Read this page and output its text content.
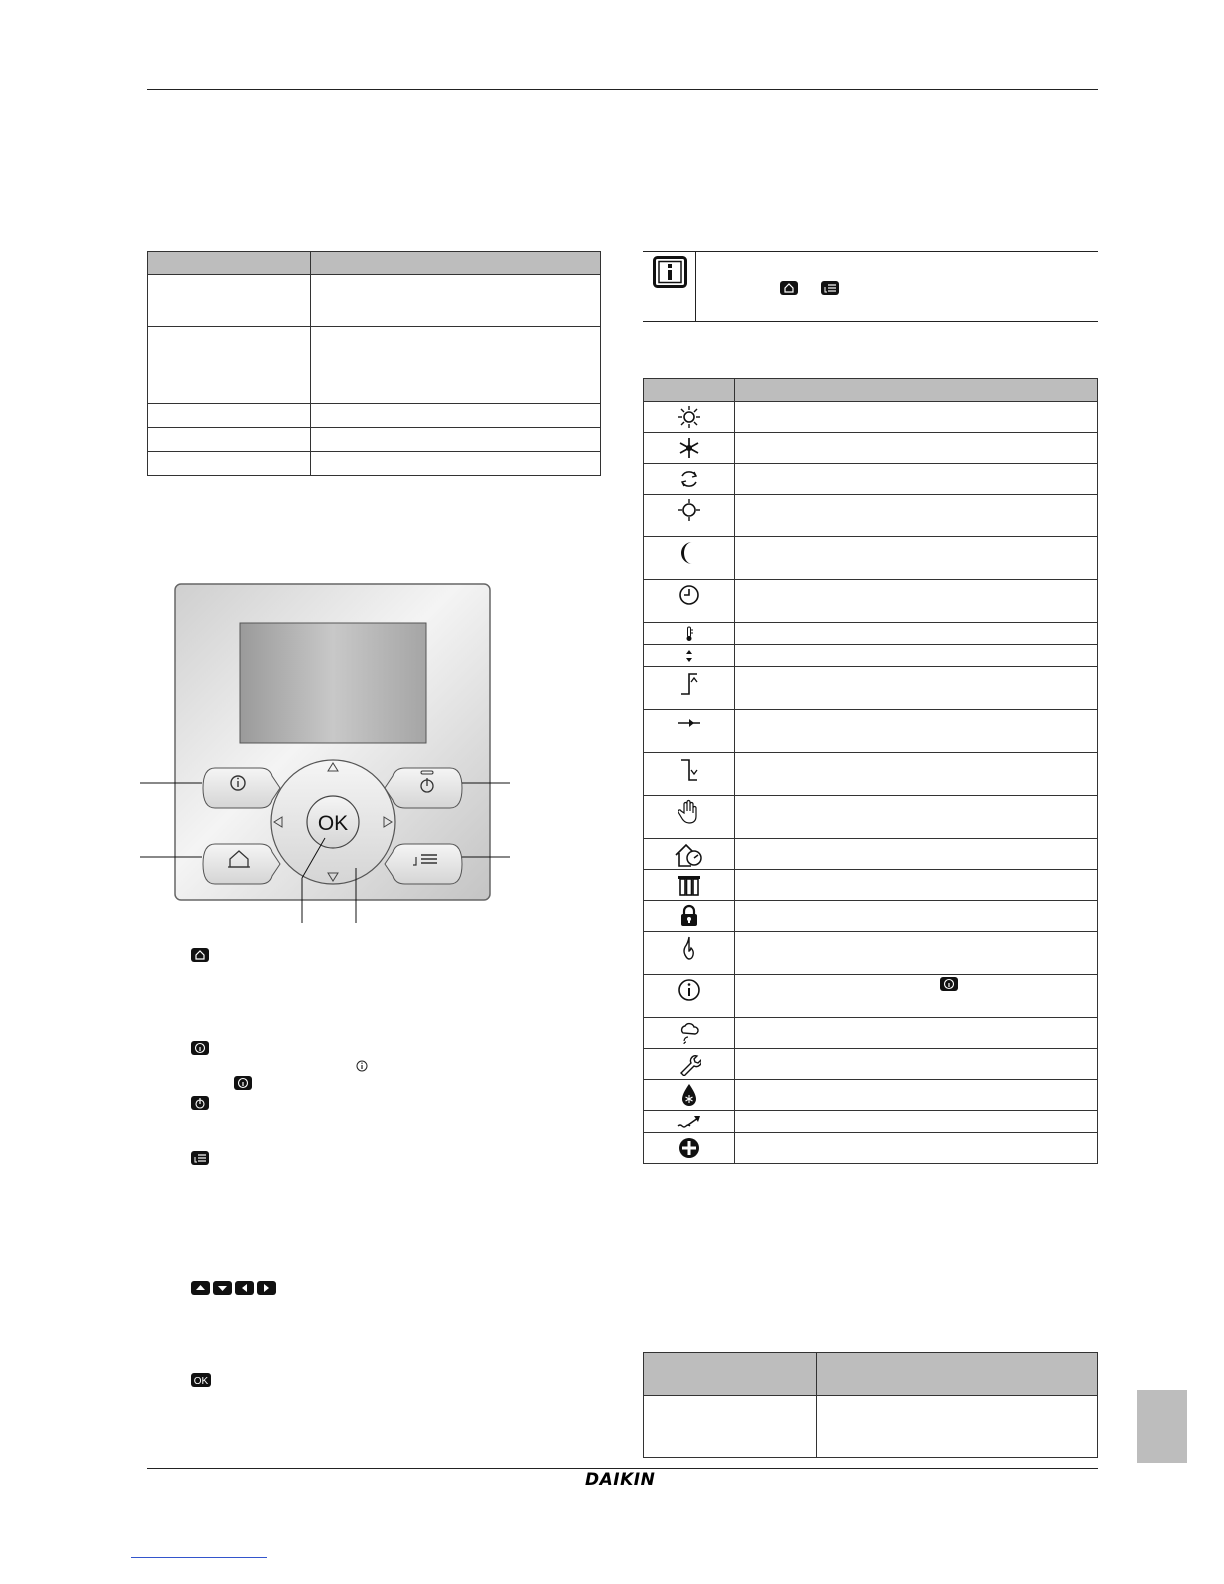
OK
OK

DAIKIN
